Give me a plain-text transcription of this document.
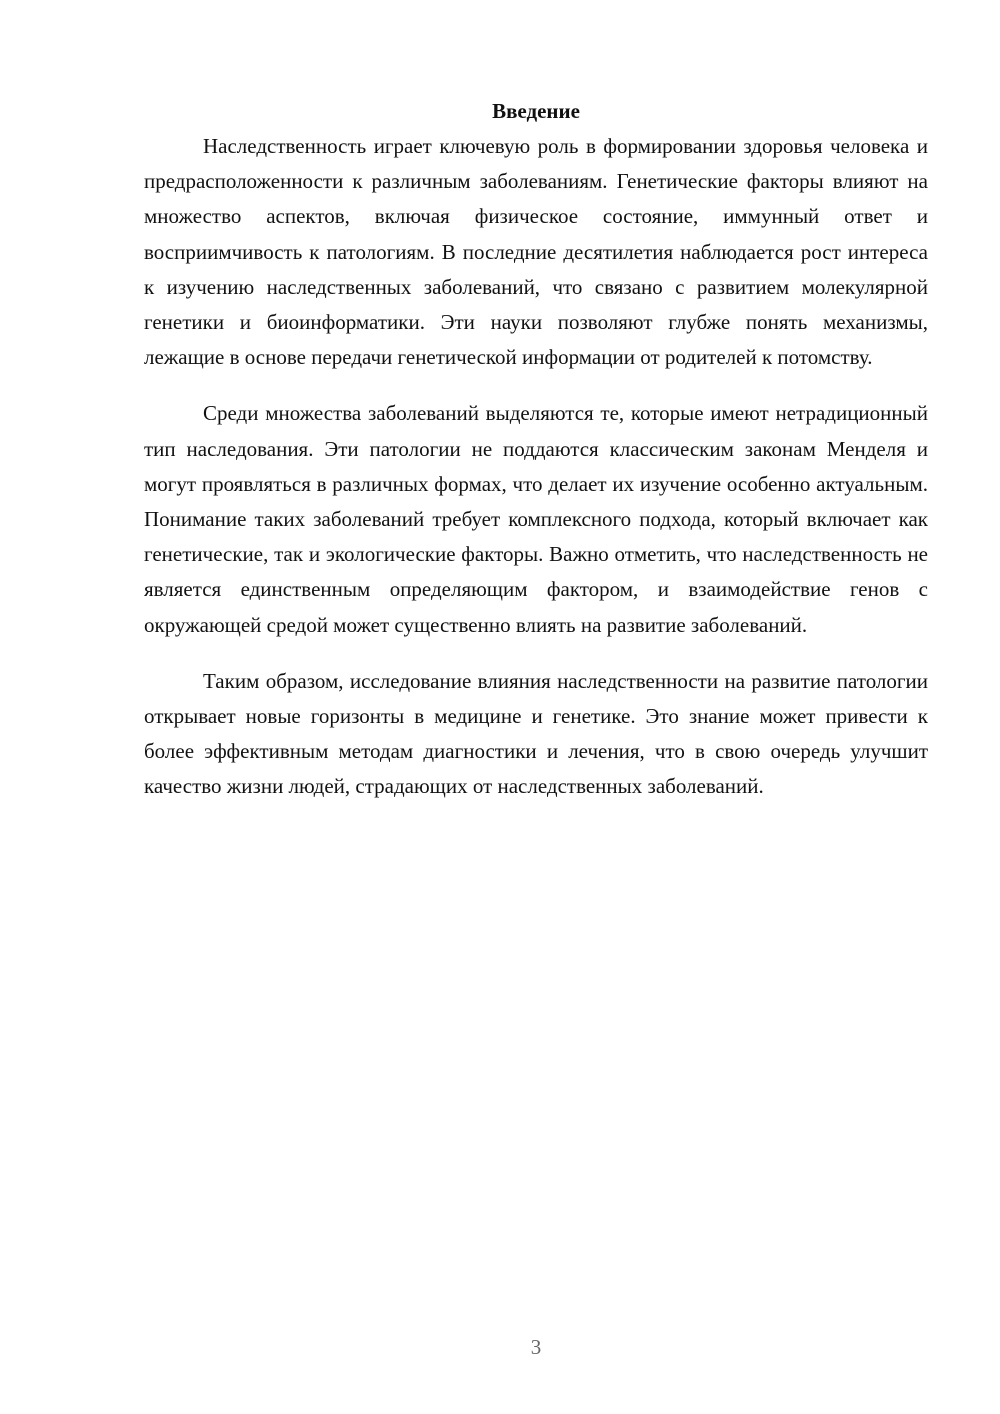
Введение

Наследственность играет ключевую роль в формировании здоровья человека и предрасположенности к различным заболеваниям. Генетические факторы влияют на множество аспектов, включая физическое состояние, иммунный ответ и восприимчивость к патологиям. В последние десятилетия наблюдается рост интереса к изучению наследственных заболеваний, что связано с развитием молекулярной генетики и биоинформатики. Эти науки позволяют глубже понять механизмы, лежащие в основе передачи генетической информации от родителей к потомству.

Среди множества заболеваний выделяются те, которые имеют нетрадиционный тип наследования. Эти патологии не поддаются классическим законам Менделя и могут проявляться в различных формах, что делает их изучение особенно актуальным. Понимание таких заболеваний требует комплексного подхода, который включает как генетические, так и экологические факторы. Важно отметить, что наследственность не является единственным определяющим фактором, и взаимодействие генов с окружающей средой может существенно влиять на развитие заболеваний.

Таким образом, исследование влияния наследственности на развитие патологии открывает новые горизонты в медицине и генетике. Это знание может привести к более эффективным методам диагностики и лечения, что в свою очередь улучшит качество жизни людей, страдающих от наследственных заболеваний.

3
